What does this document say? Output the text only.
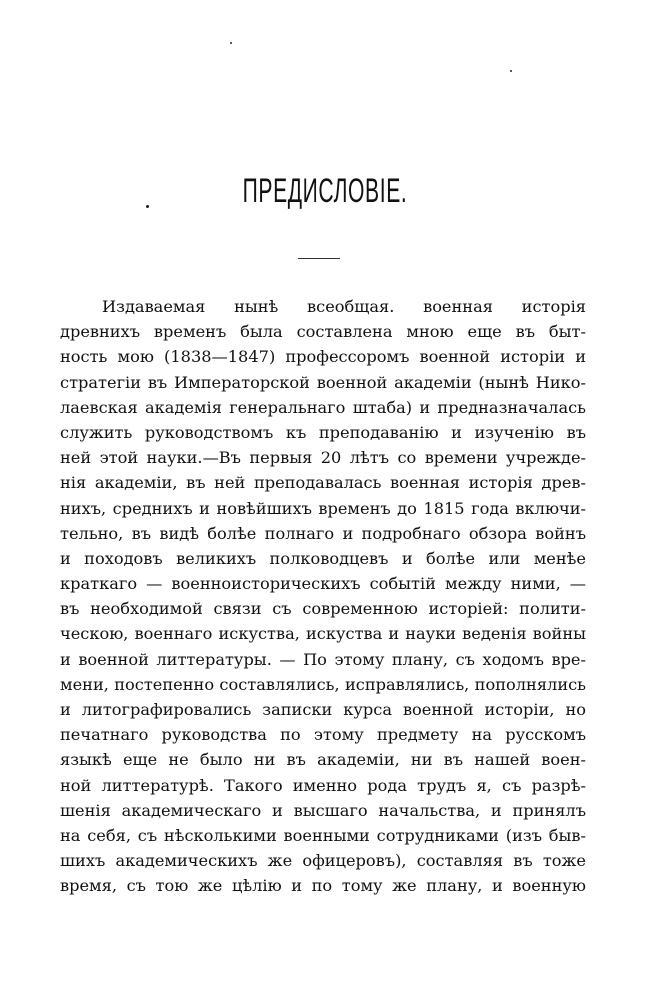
ПРЕДИСЛОВІЕ.
Издаваемая нынѣ всеобщая. военная исторія
древнихъ временъ была составлена мною еще въ быт-
ность мою (1838—1847) профессоромъ военной исторіи и
стратегіи въ Императорской военной академіи (нынѣ Нико-
лаевская академія генеральнаго штаба) и предназначалась
служить руководствомъ къ преподаванію и изученію въ
ней этой науки.—Въ первыя 20 лѣтъ со времени учрежде-
нія академіи, въ ней преподавалась военная исторія древ-
нихъ, среднихъ и новѣйшихъ временъ до 1815 года включи-
тельно, въ видѣ болѣе полнаго и подробнаго обзора войнъ
и походовъ великихъ полководцевъ и болѣе или менѣе
краткаго — военноисторическихъ событій между ними, —
въ необходимой связи съ современною исторіей: полити-
ческою, военнаго искуства, искуства и науки веденія войны
и военной литтературы. — По этому плану, съ ходомъ вре-
мени, постепенно составлялись, исправлялись, пополнялись
и литографировались записки курса военной исторіи, но
печатнаго руководства по этому предмету на русскомъ
языкѣ еще не было ни въ академіи, ни въ нашей воен-
ной литтературѣ. Такого именно рода трудъ я, съ разрѣ-
шенія академическаго и высшаго начальства, и принялъ
на себя, съ нѣсколькими военными сотрудниками (изъ быв-
шихъ академическихъ же офицеровъ), составляя въ тоже
время, съ тою же цѣлію и по тому же плану, и военную
